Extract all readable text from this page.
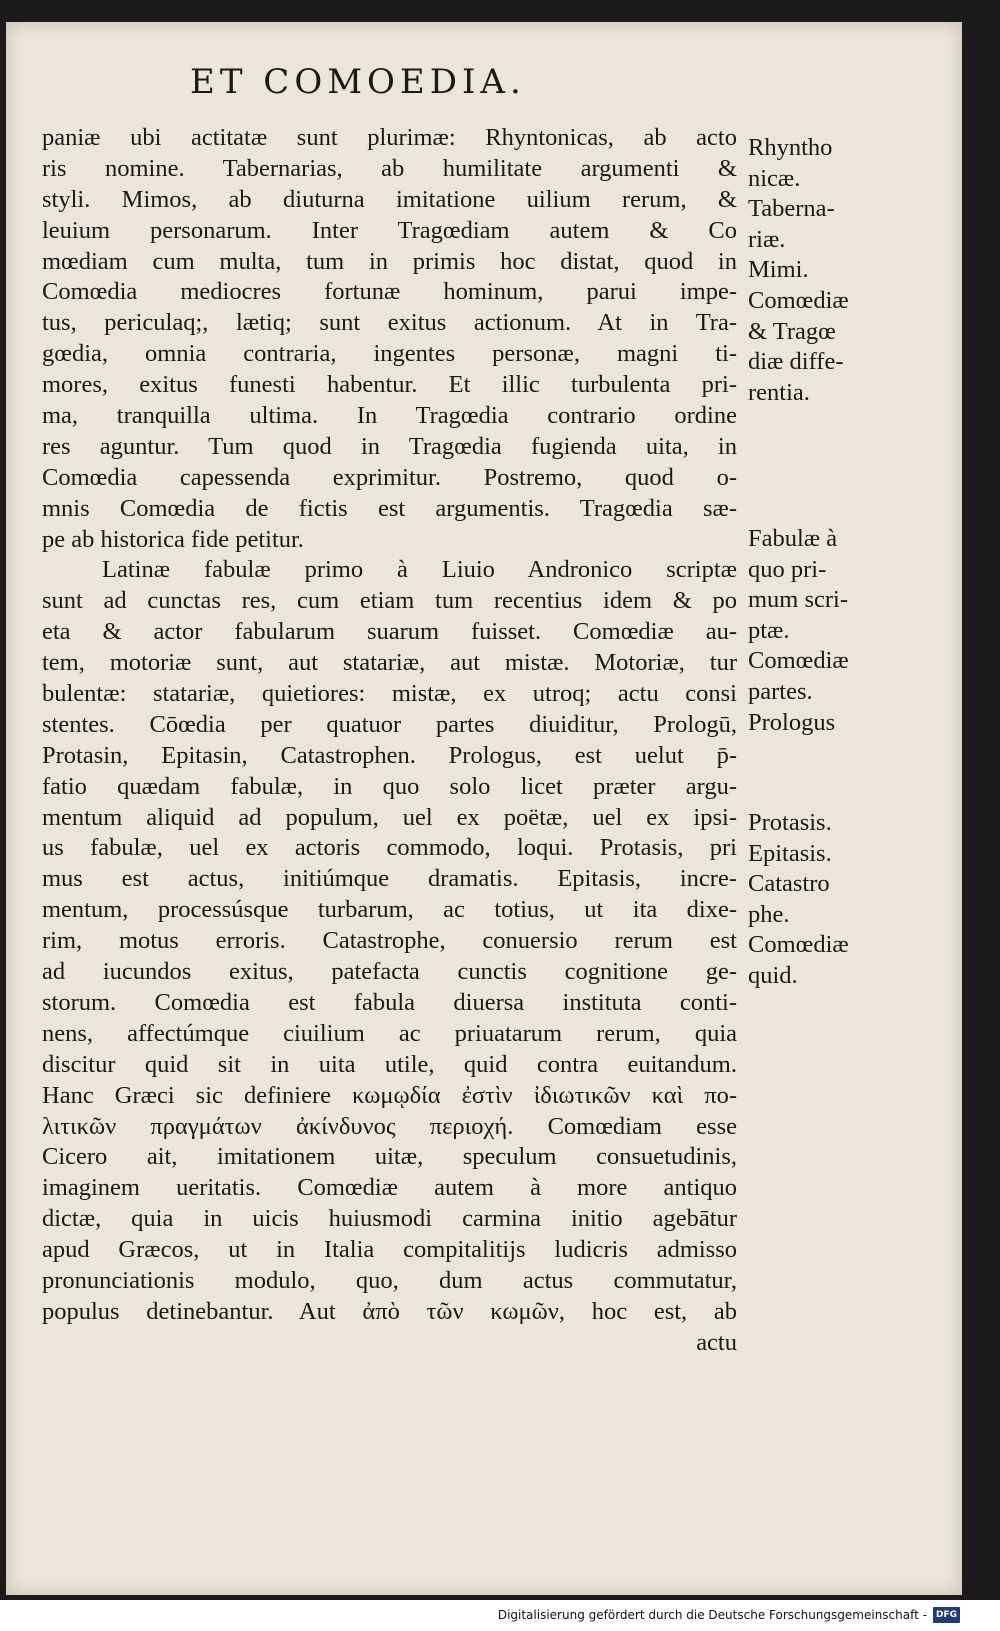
ET COMOEDIA.
paniæ ubi actitatæ sunt plurimæ: Rhyntonicas, ab acto
ris nomine. Tabernarias, ab humilitate argumenti &
styli. Mimos, ab diuturna imitatione uilium rerum, &
leuium personarum. Inter Tragœdiam autem & Co
mœdiam cum multa, tum in primis hoc distat, quod in
Comœdia mediocres fortunæ hominum, parui impe-
tus, periculaq;, lætiq; sunt exitus actionum. At in Tra-
gœdia, omnia contraria, ingentes personæ, magni ti-
mores, exitus funesti habentur. Et illic turbulenta pri-
ma, tranquilla ultima. In Tragœdia contrario ordine
res aguntur. Tum quod in Tragœdia fugienda uita, in
Comœdia capessenda exprimitur. Postremo, quod o-
mnis Comœdia de fictis est argumentis. Tragœdia sæ-
pe ab historica fide petitur.
Latinæ fabulæ primo à Liuio Andronico scriptæ
sunt ad cunctas res, cum etiam tum recentius idem & po
eta & actor fabularum suarum fuisset. Comœdiæ au-
tem, motoriæ sunt, aut statariæ, aut mistæ. Motoriæ, tur
bulentæ: statariæ, quietiores: mistæ, ex utroq; actu consi
stentes. Cōœdia per quatuor partes diuiditur, Prologū,
Protasin, Epitasin, Catastrophen. Prologus, est uelut p̄-
fatio quædam fabulæ, in quo solo licet præter argu-
mentum aliquid ad populum, uel ex poëtæ, uel ex ipsi-
us fabulæ, uel ex actoris commodo, loqui. Protasis, pri
mus est actus, initiúmque dramatis. Epitasis, incre-
mentum, processúsque turbarum, ac totius, ut ita dixe-
rim, motus erroris. Catastrophe, conuersio rerum est
ad iucundos exitus, patefacta cunctis cognitione ge-
storum. Comœdia est fabula diuersa instituta conti-
nens, affectúmque ciuilium ac priuatarum rerum, quia
discitur quid sit in uita utile, quid contra euitandum.
Hanc Græci sic definiere κωμῳδία ἐστὶν ἰδιωτικῶν καὶ πο-
λιτικῶν πραγμάτων ἀκίνδυνος περιοχή. Comœdiam esse
Cicero ait, imitationem uitæ, speculum consuetudinis,
imaginem ueritatis. Comœdiæ autem à more antiquo
dictæ, quia in uicis huiusmodi carmina initio agebātur
apud Græcos, ut in Italia compitalitijs ludicris admisso
pronunciationis modulo, quo, dum actus commutatur,
populus detinebantur. Aut ἀπὸ τῶν κωμῶν, hoc est, ab
actu
Rhyntho
nicæ.
Taberna-
riæ.
Mimi.
Comœdiæ
& Tragœ
diæ diffe-
rentia.
Fabulæ à
quo pri-
mum scri-
ptæ.
Comœdiæ
partes.
Prologus
Protasis.
Epitasis.
Catastro
phe.
Comœdiæ
quid.
Digitalisierung gefördert durch die Deutsche Forschungsgemeinschaft -	DFG
